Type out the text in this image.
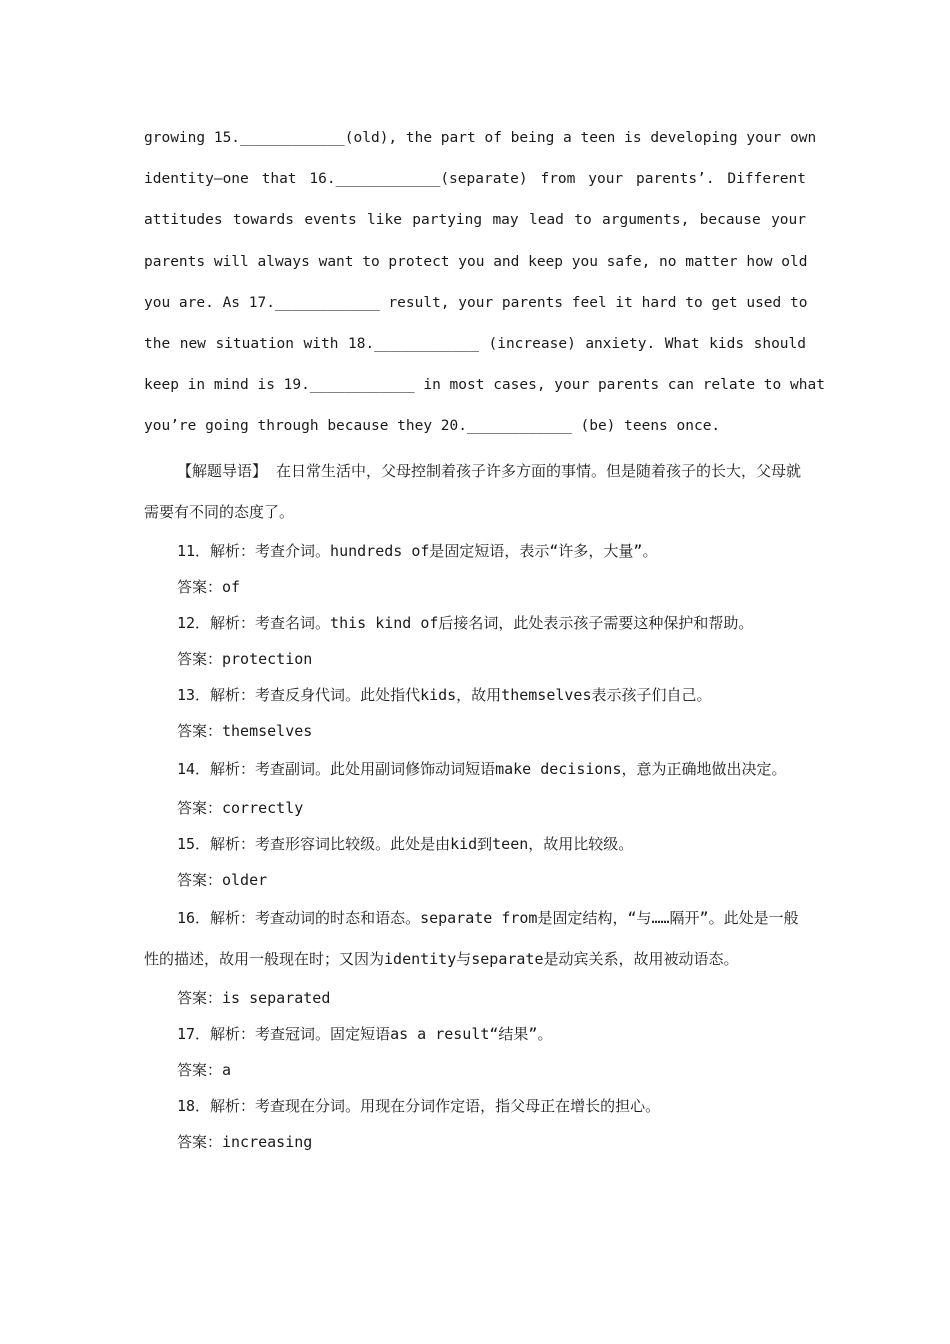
growing 15.____________(old), the part of being a teen is developing your own
identity—one that 16.____________(separate) from your parents’. Different
attitudes towards events like partying may lead to arguments, because your
parents will always want to protect you and keep you safe, no matter how old
you are. As 17.____________ result, your parents feel it hard to get used to
the new situation with 18.____________ (increase) anxiety. What kids should
keep in mind is 19.____________ in most cases, your parents can relate to what
you’re going through because they 20.____________ (be) teens once.
【解题导语】 在日常生活中，父母控制着孩子许多方面的事情。但是随着孩子的长大，父母就需要有不同的态度了。
11．解析：考查介词。hundreds of是固定短语，表示“许多，大量”。
答案：of
12．解析：考查名词。this kind of后接名词，此处表示孩子需要这种保护和帮助。
答案：protection
13．解析：考查反身代词。此处指代kids，故用themselves表示孩子们自己。
答案：themselves
14．解析：考查副词。此处用副词修饰动词短语make decisions，意为正确地做出决定。
答案：correctly
15．解析：考查形容词比较级。此处是由kid到teen，故用比较级。
答案：older
16．解析：考查动词的时态和语态。separate from是固定结构，“与……隔开”。此处是一般性的描述，故用一般现在时；又因为identity与separate是动宾关系，故用被动语态。
答案：is separated
17．解析：考查冠词。固定短语as a result“结果”。
答案：a
18．解析：考查现在分词。用现在分词作定语，指父母正在增长的担心。
答案：increasing
